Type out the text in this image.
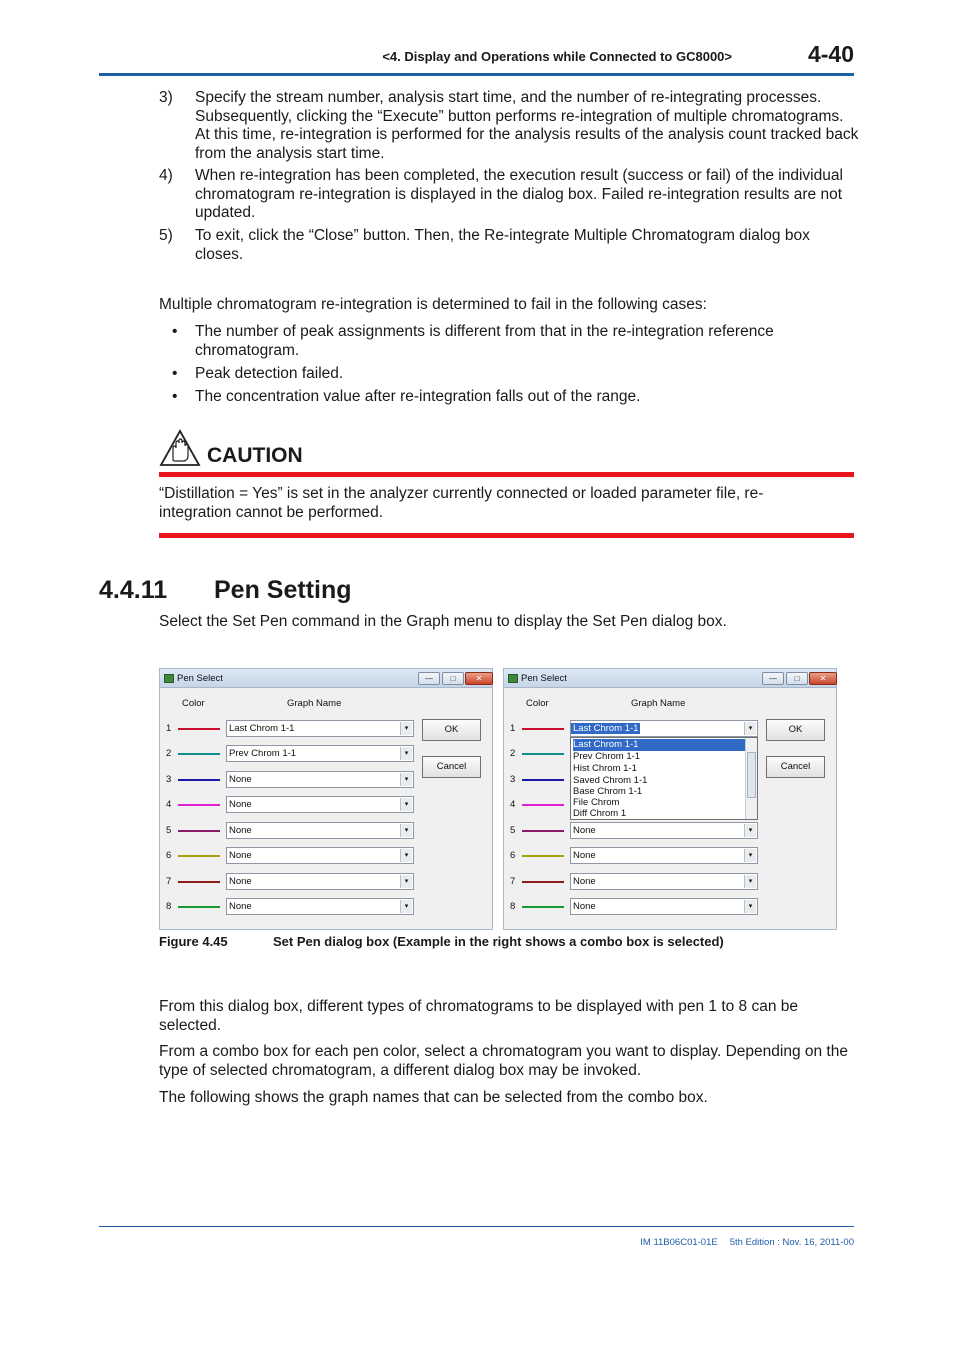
<4. Display and Operations while Connected to GC8000>	4-40
3)	Specify the stream number, analysis start time, and the number of re-integrating processes. Subsequently, clicking the “Execute” button performs re-integration of multiple chromatograms. At this time, re-integration is performed for the analysis results of the analysis count tracked back from the analysis start time.
4)	When re-integration has been completed, the execution result (success or fail) of the individual chromatogram re-integration is displayed in the dialog box. Failed re-integration results are not updated.
5)	To exit, click the “Close” button. Then, the Re-integrate Multiple Chromatogram dialog box closes.
Multiple chromatogram re-integration is determined to fail in the following cases:
•	The number of peak assignments is different from that in the re-integration reference chromatogram.
•	Peak detection failed.
•	The concentration value after re-integration falls out of the range.
CAUTION
“Distillation = Yes” is set in the analyzer currently connected or loaded parameter file, re-integration cannot be performed.
4.4.11 Pen Setting
Select the Set Pen command in the Graph menu to display the Set Pen dialog box.
Pen Select	—	□	✕
Color	Graph Name
1	Last Chrom 1-1	▾
2	Prev Chrom 1-1	▾
3	None	▾
4	None	▾
5	None	▾
6	None	▾
7	None	▾
8	None	▾
OK
Cancel
Pen Select	—	□	✕
Color	Graph Name
1	Last Chrom 1-1	▾
2
3
4
5	None	▾
6	None	▾
7	None	▾
8	None	▾
Last Chrom 1-1
Prev Chrom 1-1
Hist Chrom 1-1
Saved Chrom 1-1
Base Chrom 1-1
File Chrom
Diff Chrom 1
OK
Cancel
Figure 4.45	Set Pen dialog box (Example in the right shows a combo box is selected)
From this dialog box, different types of chromatograms to be displayed with pen 1 to 8 can be selected.
From a combo box for each pen color, select a chromatogram you want to display. Depending on the type of selected chromatogram, a different dialog box may be invoked.
The following shows the graph names that can be selected from the combo box.
IM 11B06C01-01E 5th Edition : Nov. 16, 2011-00
